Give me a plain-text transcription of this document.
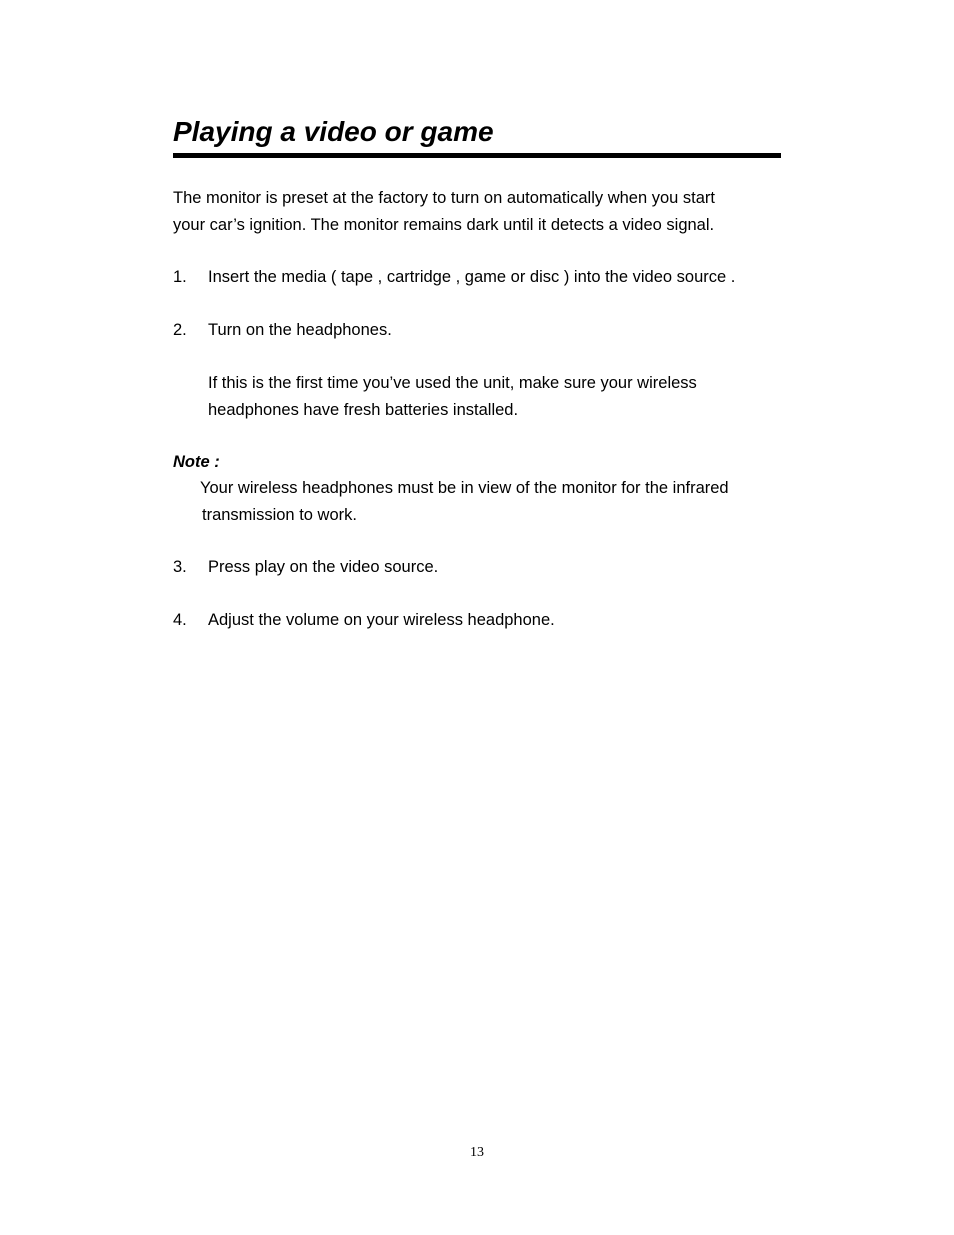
Playing a video or game
The monitor is preset at the factory to turn on automatically when you start
your car’s ignition. The monitor remains dark until it detects a video signal.
1. Insert the media ( tape , cartridge , game or disc ) into the video source .
2. Turn on the headphones.
If this is the first time you’ve used the unit, make sure your wireless
headphones have fresh batteries installed.
Note :
Your wireless headphones must be in view of the monitor for the infrared
transmission to work.
3. Press play on the video source.
4. Adjust the volume on your wireless headphone.
13
